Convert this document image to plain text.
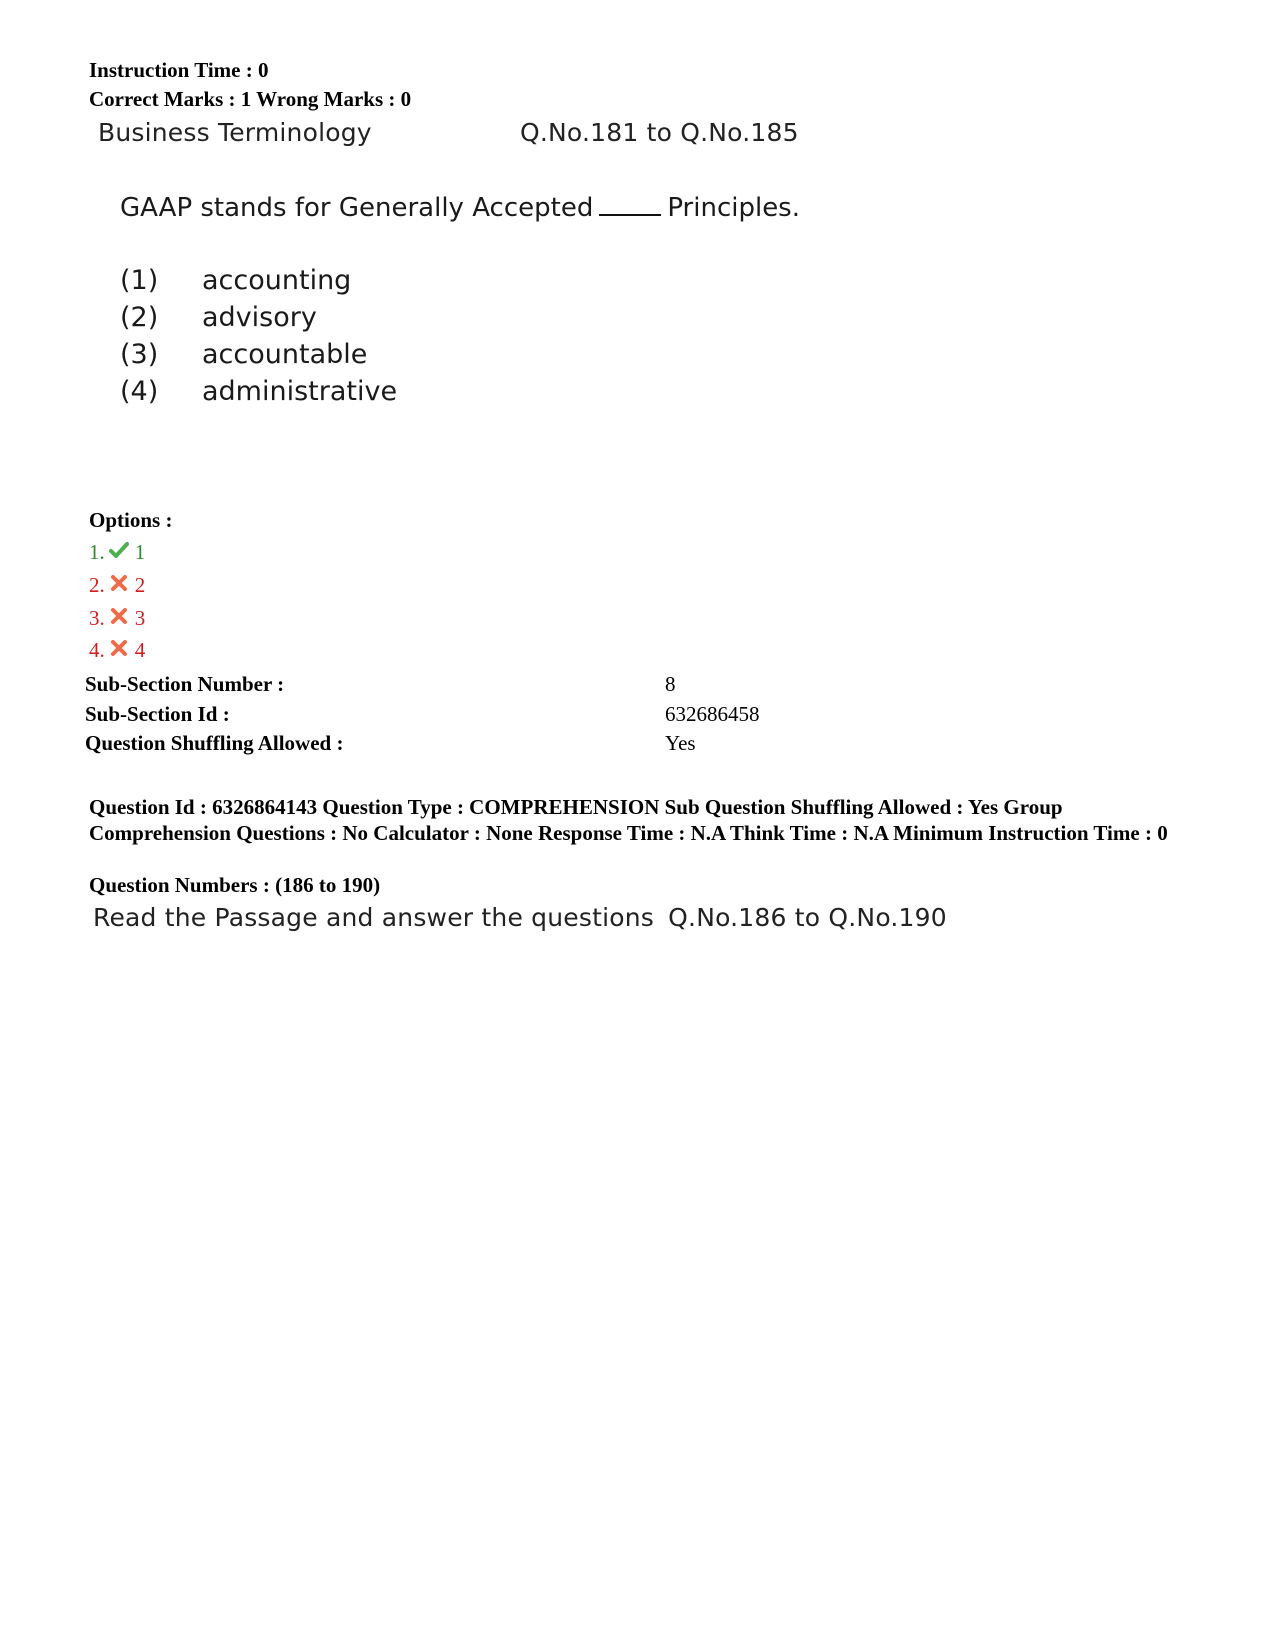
Instruction Time : 0
Correct Marks : 1 Wrong Marks : 0
Business Terminology	Q.No.181 to Q.No.185
GAAP stands for Generally Accepted	Principles.
(1) accounting
(2) advisory
(3) accountable
(4) administrative
Options :
1. 1
2. 2
3. 3
4. 4
Sub-Section Number :	8
Sub-Section Id :	632686458
Question Shuffling Allowed :	Yes
Question Id : 6326864143 Question Type : COMPREHENSION Sub Question Shuffling Allowed : Yes Group Comprehension Questions : No Calculator : None Response Time : N.A Think Time : N.A Minimum Instruction Time : 0
Question Numbers : (186 to 190)
Read the Passage and answer the questions Q.No.186 to Q.No.190
